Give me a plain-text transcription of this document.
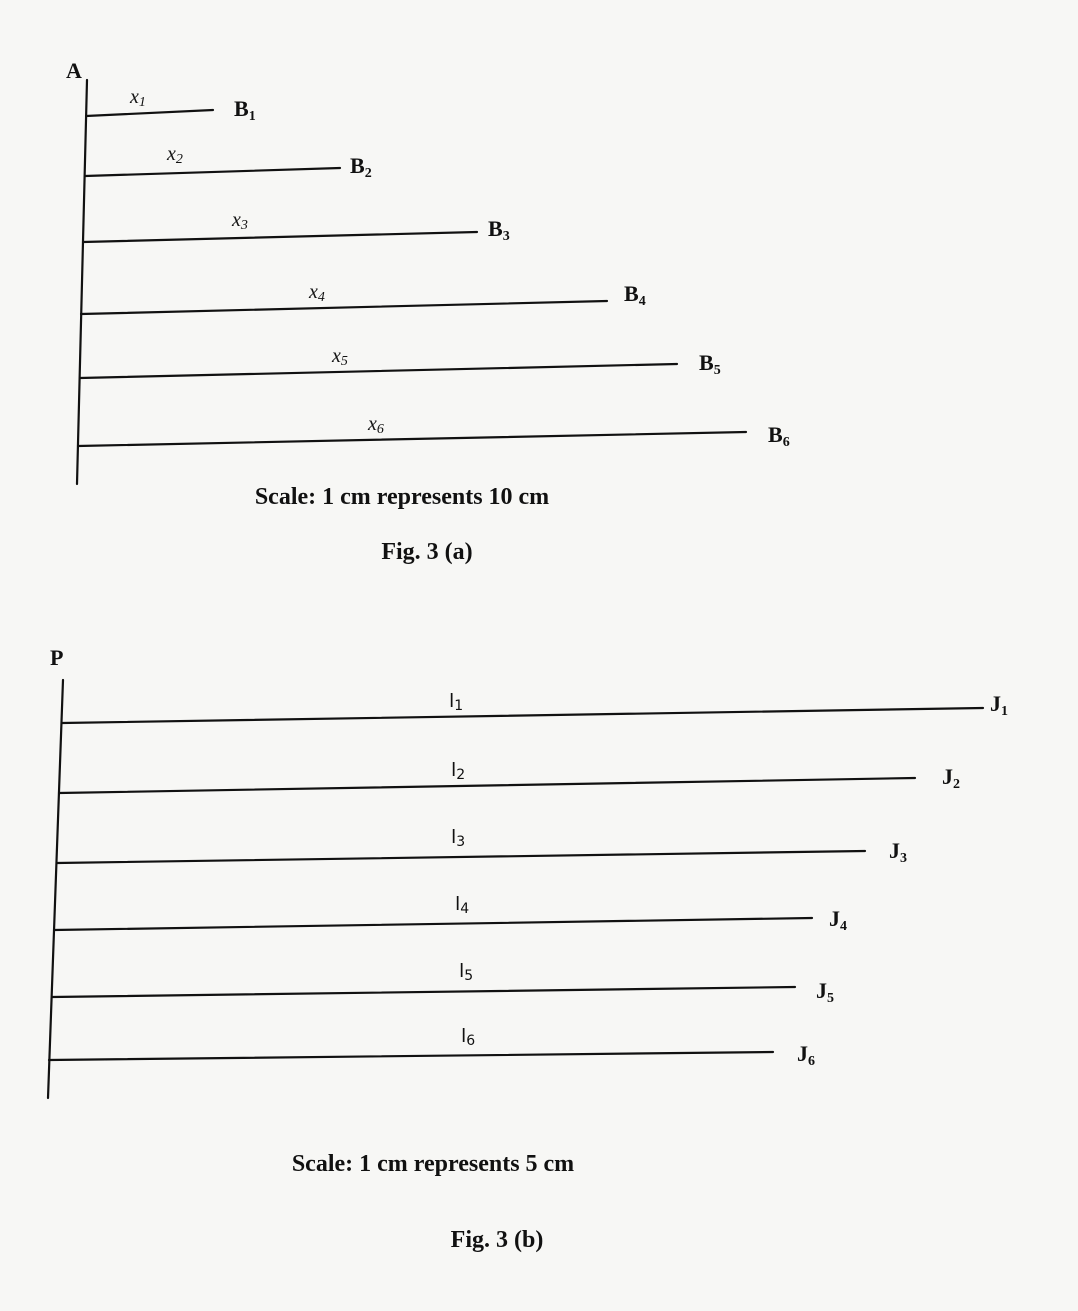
A
x1	B1
x2	B2
x3	B3
x4	B4
x5	B5
x6	B6
Scale: 1 cm represents 10 cm
Fig. 3 (a)
P
l1	J1
l2	J2
l3	J3
l4	J4
l5
J5
l6	J6
Scale: 1 cm represents 5 cm
Fig. 3 (b)
